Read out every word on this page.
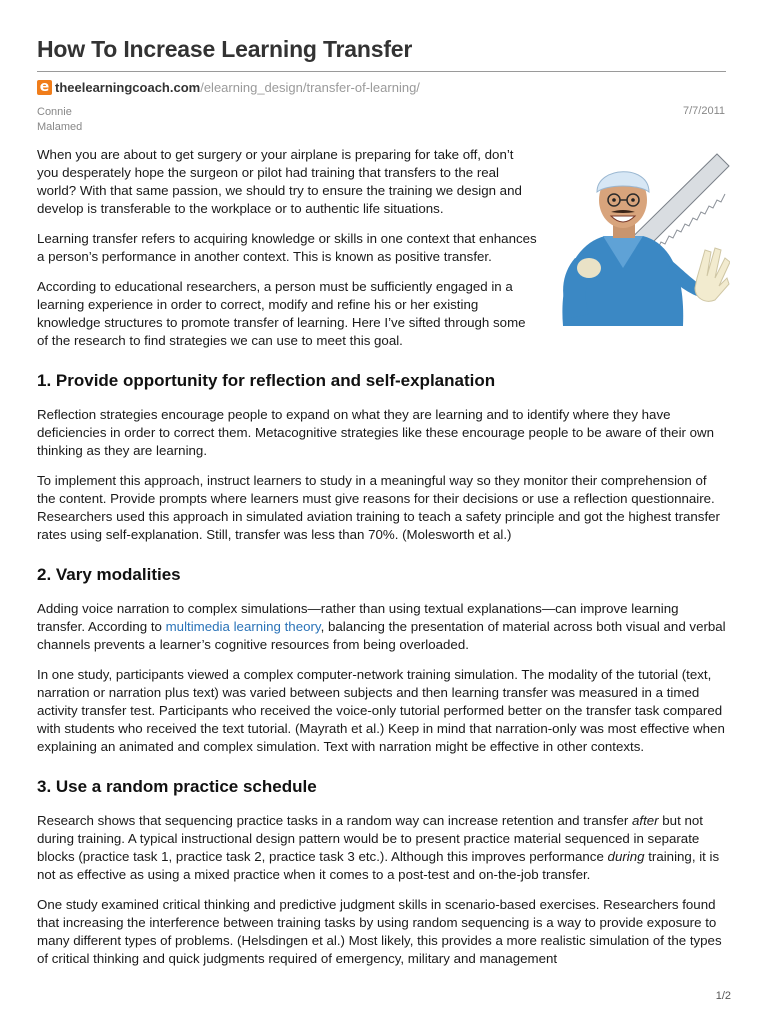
How To Increase Learning Transfer
e theelearningcoach.com /elearning_design/transfer-of-learning/
Connie Malamed
7/7/2011

When you are about to get surgery or your airplane is preparing for take off, don’t you desperately hope the surgeon or pilot had training that transfers to the real world? With that same passion, we should try to ensure the training we design and develop is transferable to the workplace or to authentic life situations.

Learning transfer refers to acquiring knowledge or skills in one context that enhances a person’s performance in another context. This is known as positive transfer.

According to educational researchers, a person must be sufficiently engaged in a learning experience in order to correct, modify and refine his or her existing knowledge structures to promote transfer of learning. Here I’ve sifted through some of the research to find strategies we can use to meet this goal.

1. Provide opportunity for reflection and self-explanation

Reflection strategies encourage people to expand on what they are learning and to identify where they have deficiencies in order to correct them. Metacognitive strategies like these encourage people to be aware of their own thinking as they are learning.

To implement this approach, instruct learners to study in a meaningful way so they monitor their comprehension of the content. Provide prompts where learners must give reasons for their decisions or use a reflection questionnaire. Researchers used this approach in simulated aviation training to teach a safety principle and got the highest transfer rates using self-explanation. Still, transfer was less than 70%. (Molesworth et al.)

2. Vary modalities

Adding voice narration to complex simulations—rather than using textual explanations—can improve learning transfer. According to multimedia learning theory, balancing the presentation of material across both visual and verbal channels prevents a learner’s cognitive resources from being overloaded.

In one study, participants viewed a complex computer-network training simulation. The modality of the tutorial (text, narration or narration plus text) was varied between subjects and then learning transfer was measured in a timed activity transfer test. Participants who received the voice-only tutorial performed better on the transfer task compared with students who received the text tutorial. (Mayrath et al.) Keep in mind that narration-only was most effective when explaining an animated and complex simulation. Text with narration might be effective in other contexts.

3. Use a random practice schedule

Research shows that sequencing practice tasks in a random way can increase retention and transfer after but not during training. A typical instructional design pattern would be to present practice material sequenced in separate blocks (practice task 1, practice task 2, practice task 3 etc.). Although this improves performance during training, it is not as effective as using a mixed practice when it comes to a post-test and on-the-job transfer.

One study examined critical thinking and predictive judgment skills in scenario-based exercises. Researchers found that increasing the interference between training tasks by using random sequencing is a way to provide exposure to many different types of problems. (Helsdingen et al.) Most likely, this provides a more realistic simulation of the types of critical thinking and quick judgments required of emergency, military and management

1/2
